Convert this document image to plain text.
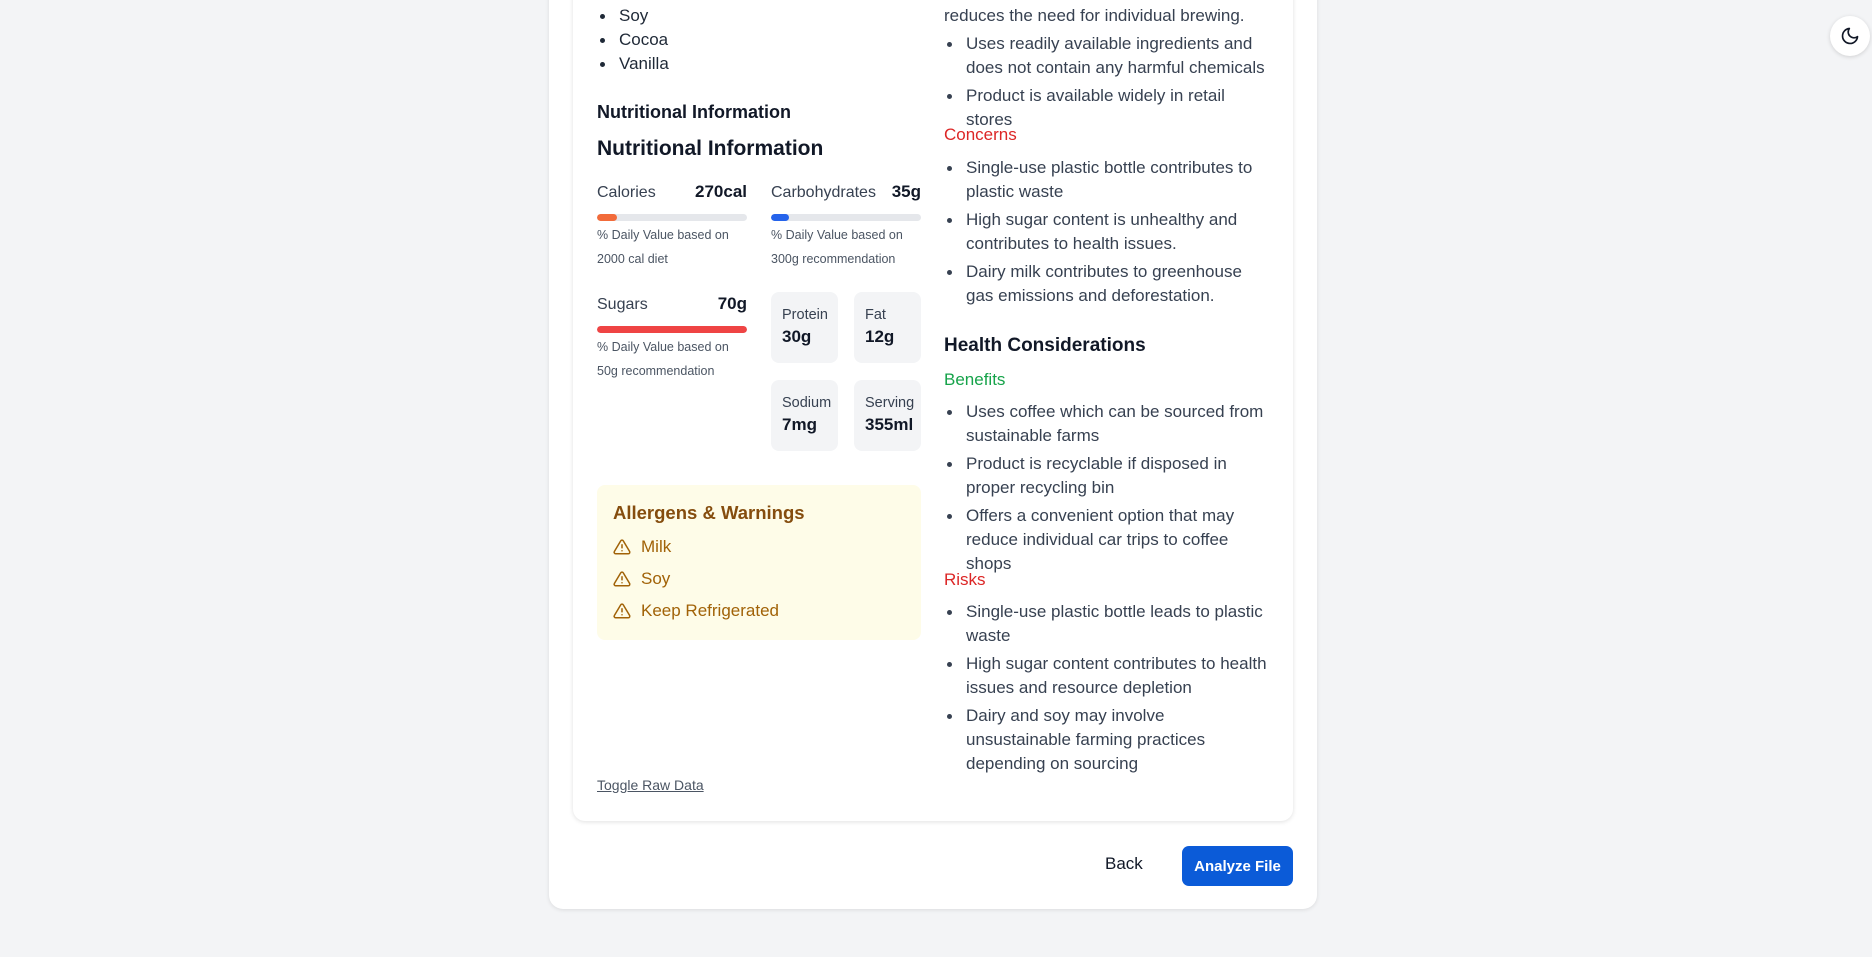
Soy
Cocoa
Vanilla
Nutritional Information
Nutritional Information
Calories 270cal
% Daily Value based on
2000 cal diet
Carbohydrates 35g
% Daily Value based on
300g recommendation
Sugars	70g
% Daily Value based on
50g recommendation
Protein
30g
Fat
12g
Sodium
7mg
Serving
355ml
Allergens & Warnings
Milk
Soy
Keep Refrigerated
reduces the need for individual brewing.
Uses readily available ingredients and does not contain any harmful chemicals
Product is available widely in retail stores
Concerns
Single-use plastic bottle contributes to plastic waste
High sugar content is unhealthy and contributes to health issues.
Dairy milk contributes to greenhouse gas emissions and deforestation.
Health Considerations
Benefits
Uses coffee which can be sourced from sustainable farms
Product is recyclable if disposed in proper recycling bin
Offers a convenient option that may reduce individual car trips to coffee shops
Risks
Single-use plastic bottle leads to plastic waste
High sugar content contributes to health issues and resource depletion
Dairy and soy may involve unsustainable farming practices depending on sourcing
Toggle Raw Data
Back	Analyze File
